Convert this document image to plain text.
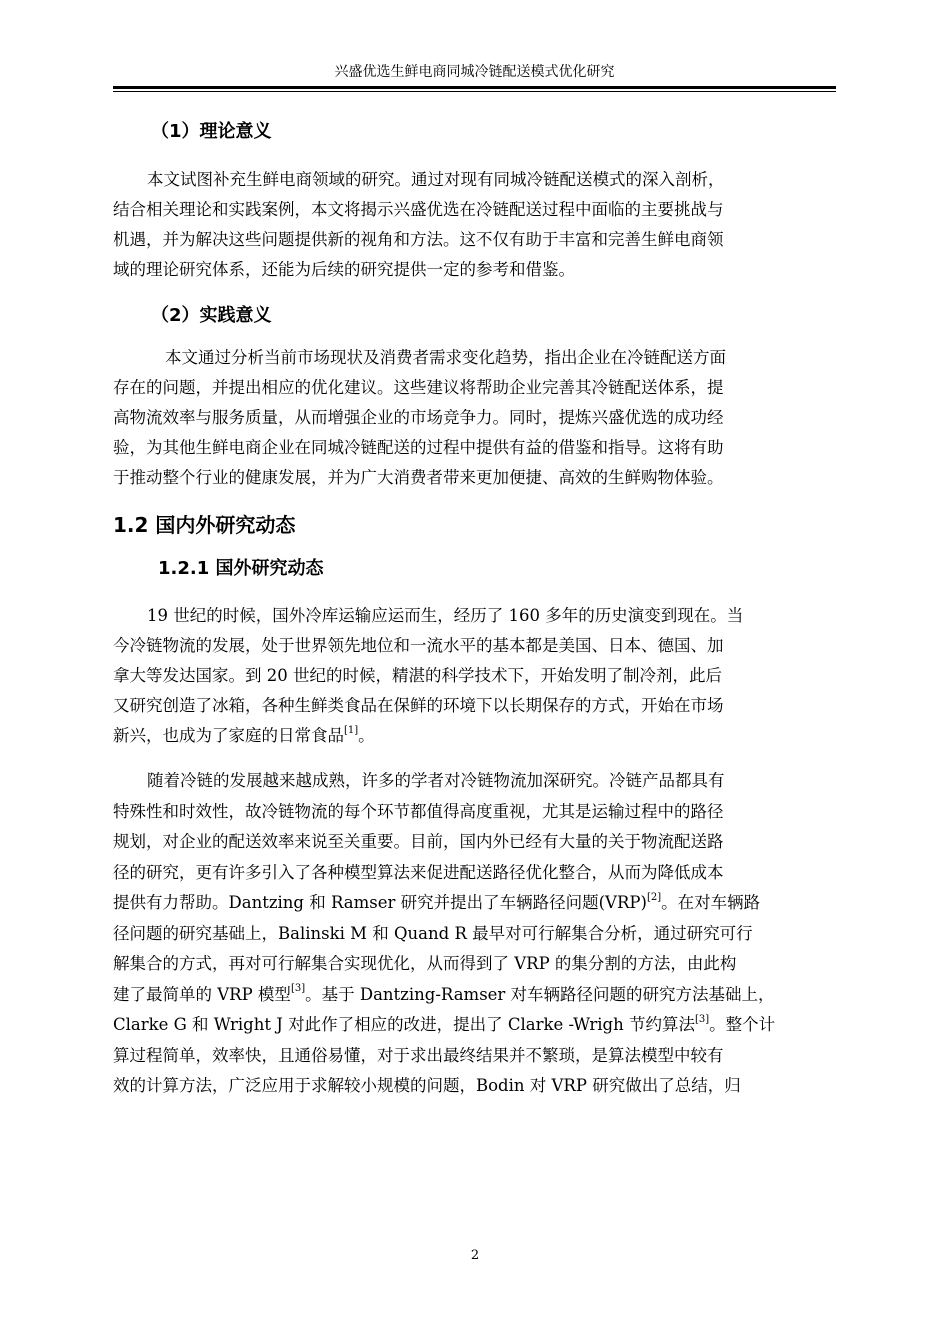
兴盛优选生鲜电商同城冷链配送模式优化研究
（1）理论意义

本文试图补充生鲜电商领域的研究。通过对现有同城冷链配送模式的深入剖析，
结合相关理论和实践案例，本文将揭示兴盛优选在冷链配送过程中面临的主要挑战与
机遇，并为解决这些问题提供新的视角和方法。这不仅有助于丰富和完善生鲜电商领
域的理论研究体系，还能为后续的研究提供一定的参考和借鉴。

（2）实践意义

本文通过分析当前市场现状及消费者需求变化趋势，指出企业在冷链配送方面
存在的问题，并提出相应的优化建议。这些建议将帮助企业完善其冷链配送体系，提
高物流效率与服务质量，从而增强企业的市场竞争力。同时，提炼兴盛优选的成功经
验，为其他生鲜电商企业在同城冷链配送的过程中提供有益的借鉴和指导。这将有助
于推动整个行业的健康发展，并为广大消费者带来更加便捷、高效的生鲜购物体验。

1.2 国内外研究动态
1.2.1 国外研究动态

19 世纪的时候，国外冷库运输应运而生，经历了 160 多年的历史演变到现在。当
今冷链物流的发展，处于世界领先地位和一流水平的基本都是美国、日本、德国、加
拿大等发达国家。到 20 世纪的时候，精湛的科学技术下，开始发明了制冷剂，此后
又研究创造了冰箱，各种生鲜类食品在保鲜的环境下以长期保存的方式，开始在市场
新兴，也成为了家庭的日常食品[1]。

随着冷链的发展越来越成熟，许多的学者对冷链物流加深研究。冷链产品都具有
特殊性和时效性，故冷链物流的每个环节都值得高度重视，尤其是运输过程中的路径
规划，对企业的配送效率来说至关重要。目前，国内外已经有大量的关于物流配送路
径的研究，更有许多引入了各种模型算法来促进配送路径优化整合，从而为降低成本
提供有力帮助。Dantzing 和 Ramser 研究并提出了车辆路径问题(VRP)[2]。在对车辆路
径问题的研究基础上，Balinski M 和 Quand R 最早对可行解集合分析，通过研究可行
解集合的方式，再对可行解集合实现优化，从而得到了 VRP 的集分割的方法，由此构
建了最简单的 VRP 模型[3]。基于 Dantzing-Ramser 对车辆路径问题的研究方法基础上，
Clarke G 和 Wright J 对此作了相应的改进，提出了 Clarke -Wrigh 节约算法[3]。整个计
算过程简单，效率快，且通俗易懂，对于求出最终结果并不繁琐，是算法模型中较有
效的计算方法，广泛应用于求解较小规模的问题，Bodin 对 VRP 研究做出了总结，归

2
